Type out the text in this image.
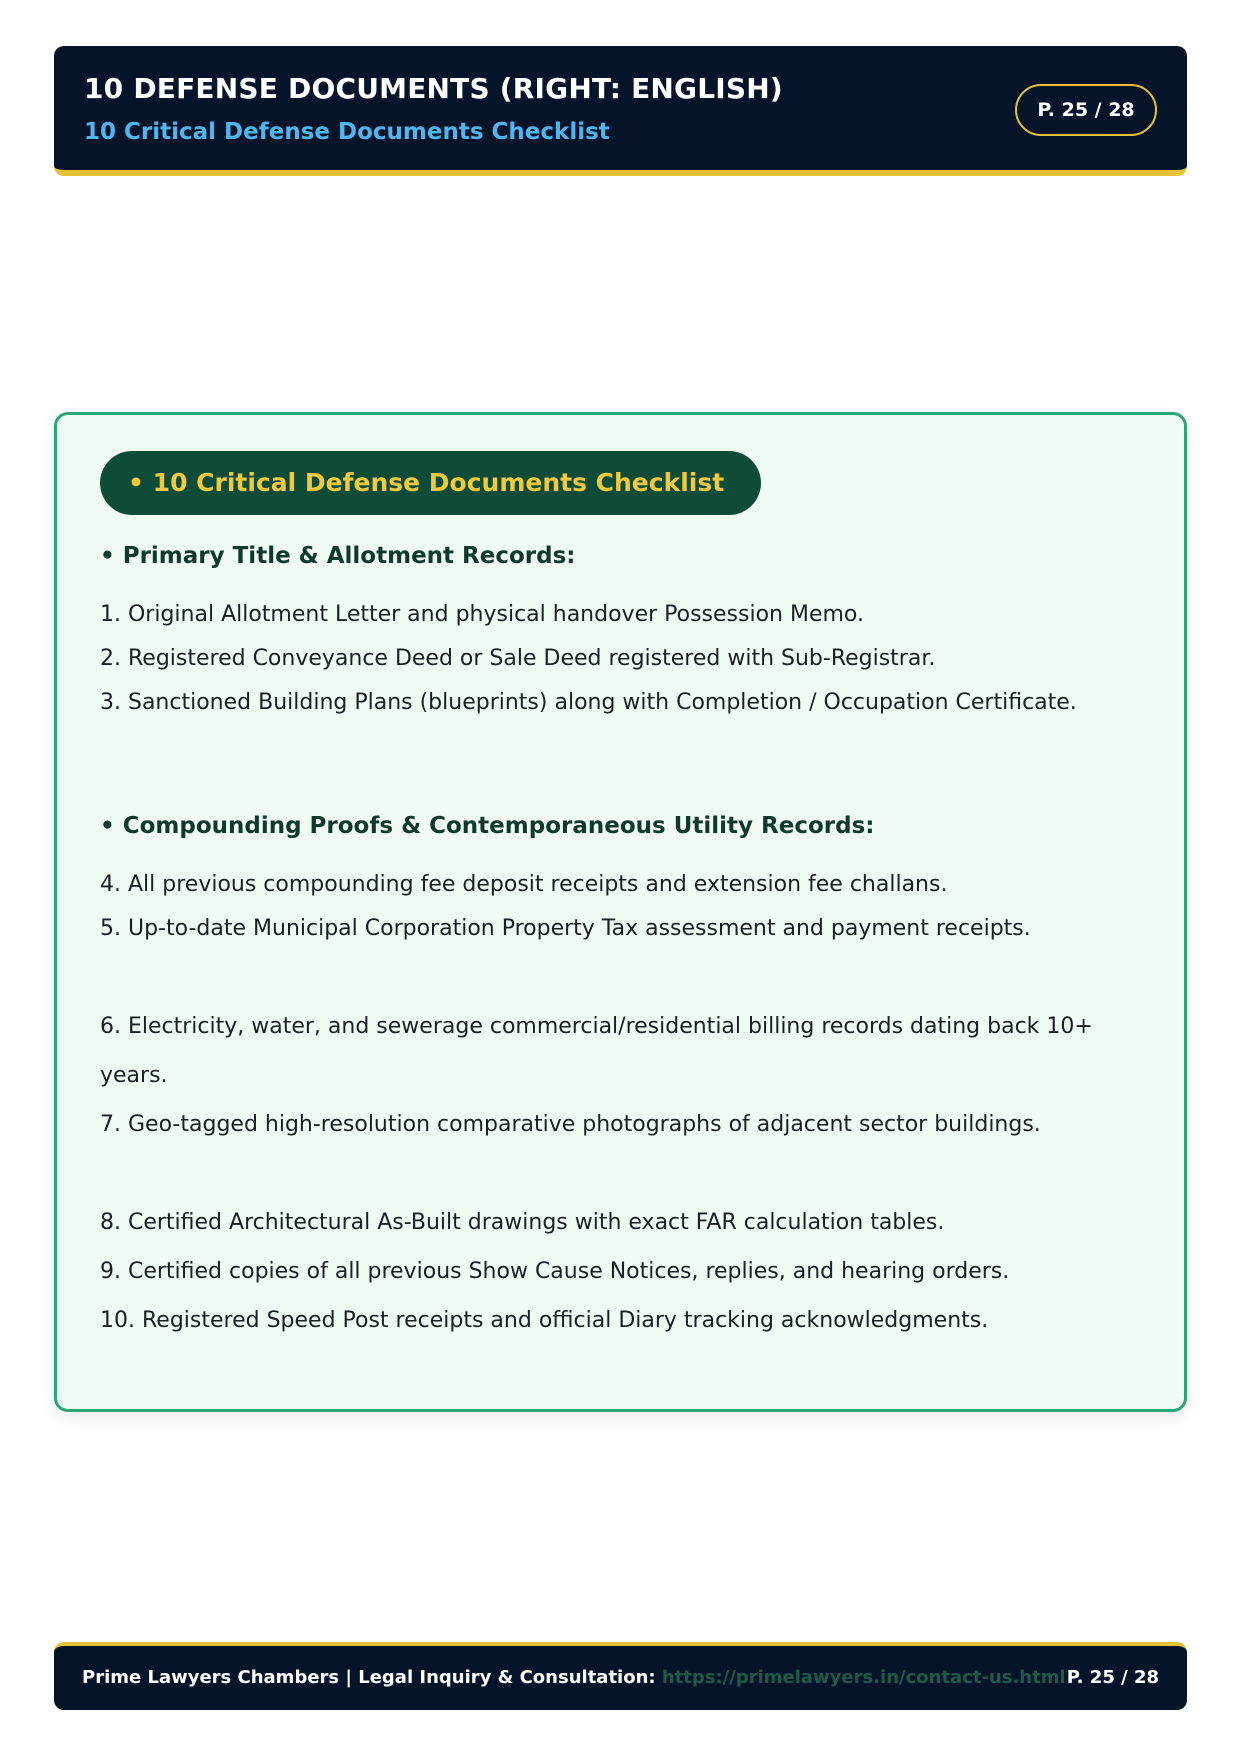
10 DEFENSE DOCUMENTS (RIGHT: ENGLISH)
10 Critical Defense Documents Checklist
P. 25 / 28
• 10 Critical Defense Documents Checklist
• Primary Title & Allotment Records:

1. Original Allotment Letter and physical handover Possession Memo.

2. Registered Conveyance Deed or Sale Deed registered with Sub-Registrar.

3. Sanctioned Building Plans (blueprints) along with Completion / Occupation Certificate.

• Compounding Proofs & Contemporaneous Utility Records:

4. All previous compounding fee deposit receipts and extension fee challans.

5. Up-to-date Municipal Corporation Property Tax assessment and payment receipts.

6. Electricity, water, and sewerage commercial/residential billing records dating back 10+ years.

7. Geo-tagged high-resolution comparative photographs of adjacent sector buildings.

8. Certified Architectural As-Built drawings with exact FAR calculation tables.

9. Certified copies of all previous Show Cause Notices, replies, and hearing orders.

10. Registered Speed Post receipts and official Diary tracking acknowledgments.

Prime Lawyers Chambers | Legal Inquiry & Consultation: https://primelawyers.in/contact-us.html P. 25 / 28
